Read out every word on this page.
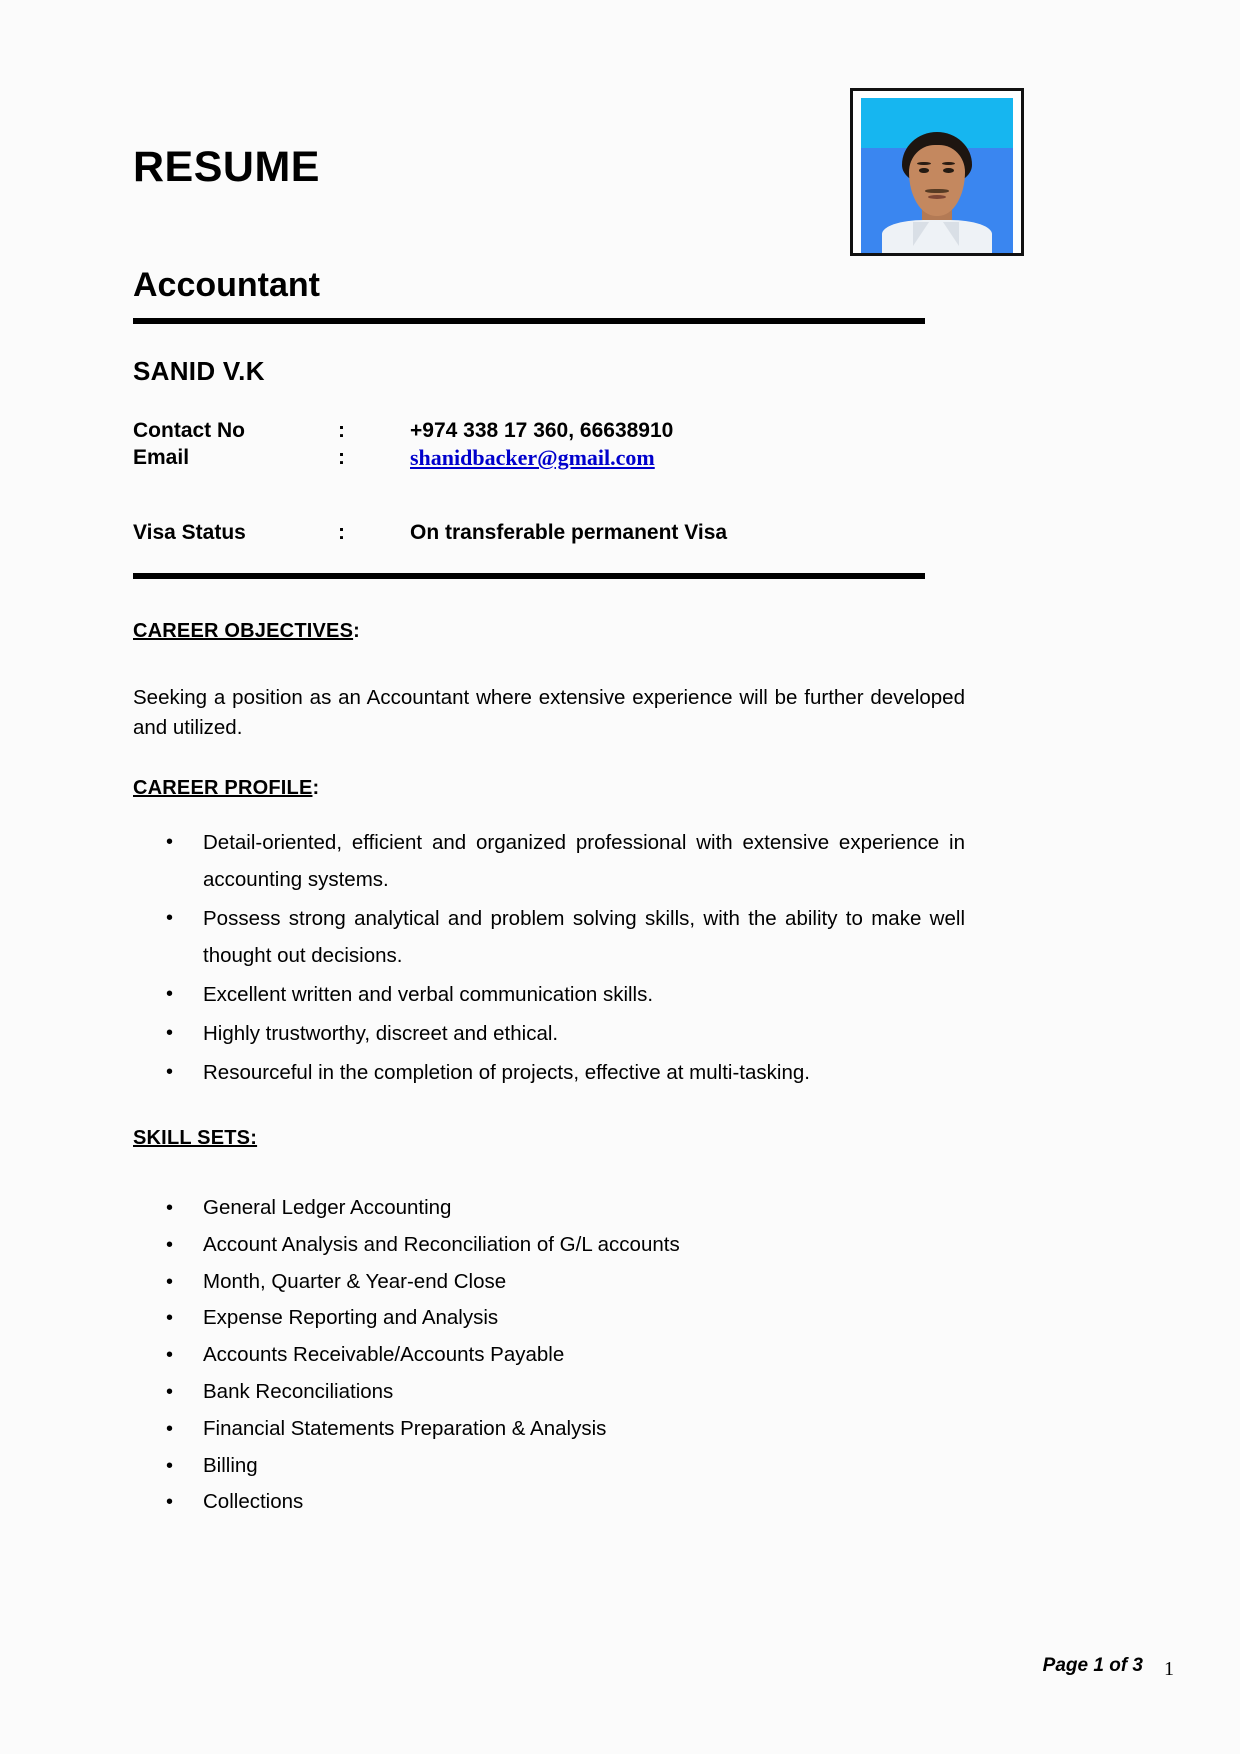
RESUME
Accountant
SANID V.K
Contact No	:	+974 338 17 360, 66638910
Email	:	shanidbacker@gmail.com
Visa Status	:	On transferable permanent Visa
CAREER OBJECTIVES:

Seeking a position as an Accountant where extensive experience will be further developed and utilized.

CAREER PROFILE:
• Detail-oriented, efficient and organized professional with extensive experience in accounting systems.
• Possess strong analytical and problem solving skills, with the ability to make well thought out decisions.
• Excellent written and verbal communication skills.
• Highly trustworthy, discreet and ethical.
• Resourceful in the completion of projects, effective at multi-tasking.
SKILL SETS:
• General Ledger Accounting
• Account Analysis and Reconciliation of G/L accounts
• Month, Quarter & Year-end Close
• Expense Reporting and Analysis
• Accounts Receivable/Accounts Payable
• Bank Reconciliations
• Financial Statements Preparation & Analysis
• Billing
• Collections
Page 1 of 3 1
